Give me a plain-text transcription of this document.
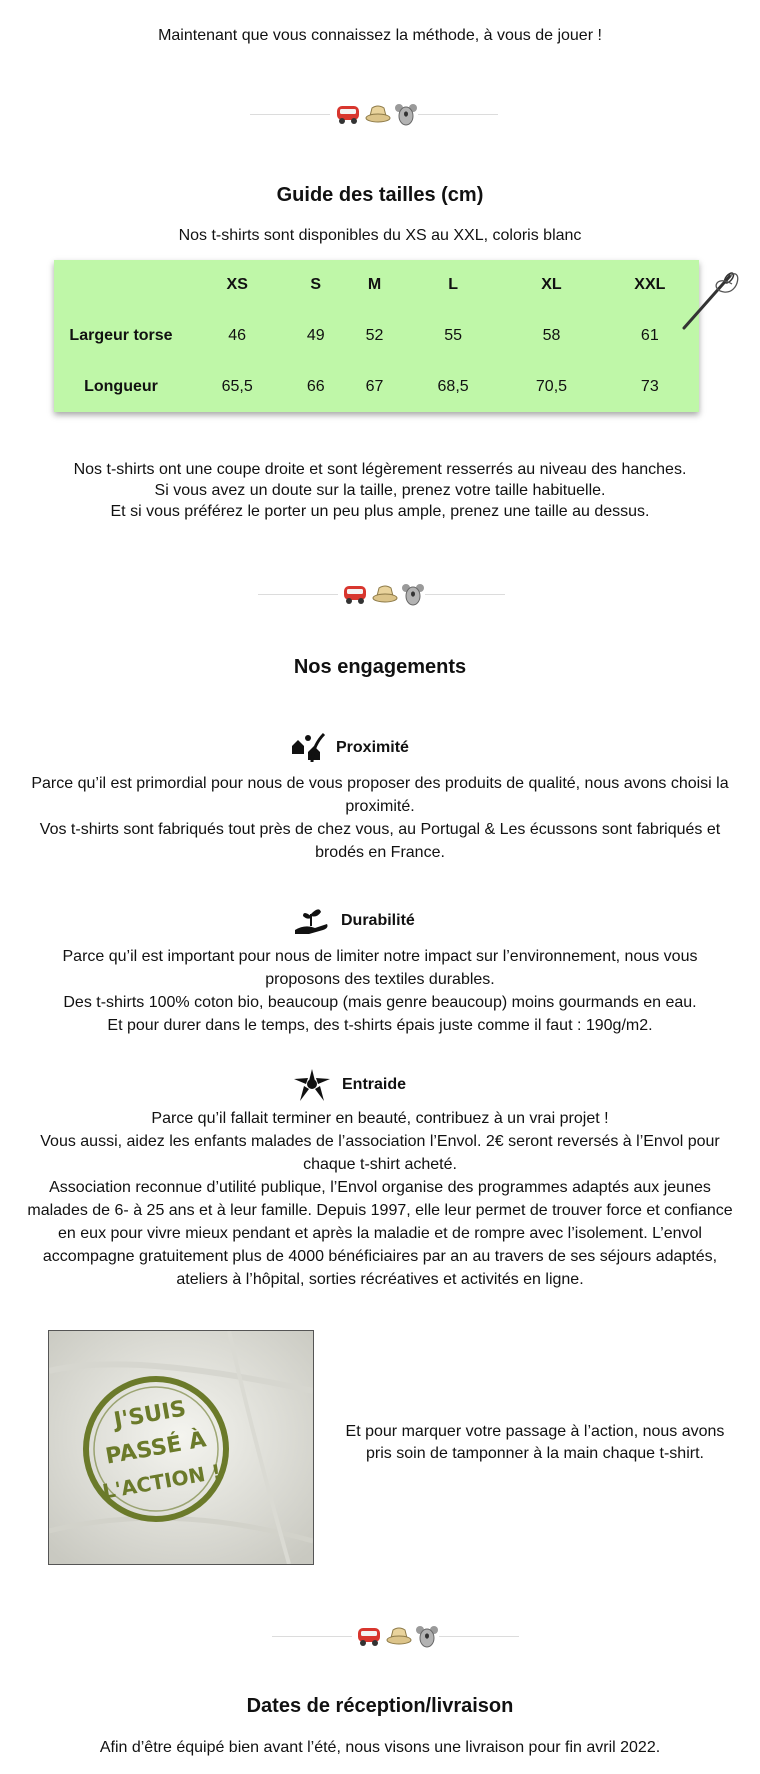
Maintenant que vous connaissez la méthode, à vous de jouer !

Guide des tailles (cm)

Nos t-shirts sont disponibles du XS au XXL, coloris blanc

	XS	S	M	L	XL	XXL
Largeur torse	46	49	52	55	58	61
Longueur	65,5	66	67	68,5	70,5	73

Nos t-shirts ont une coupe droite et sont légèrement resserrés au niveau des hanches.

Si vous avez un doute sur la taille, prenez votre taille habituelle.

Et si vous préférez le porter un peu plus ample, prenez une taille au dessus.

Nos engagements
Proximité

Parce qu’il est primordial pour nous de vous proposer des produits de qualité, nous avons choisi la

proximité.

Vos t-shirts sont fabriqués tout près de chez vous, au Portugal & Les écussons sont fabriqués et

brodés en France.

Durabilité

Parce qu’il est important pour nous de limiter notre impact sur l’environnement, nous vous

proposons des textiles durables.

Des t-shirts 100% coton bio, beaucoup (mais genre beaucoup) moins gourmands en eau.

Et pour durer dans le temps, des t-shirts épais juste comme il faut : 190g/m2.

Entraide

Parce qu’il fallait terminer en beauté, contribuez à un vrai projet !

Vous aussi, aidez les enfants malades de l’association l’Envol. 2€ seront reversés à l’Envol pour

chaque t-shirt acheté.

Association reconnue d’utilité publique, l’Envol organise des programmes adaptés aux jeunes

malades de 6- à 25 ans et à leur famille. Depuis 1997, elle leur permet de trouver force et confiance

en eux pour vivre mieux pendant et après la maladie et de rompre avec l’isolement. L’envol

accompagne gratuitement plus de 4000 bénéficiaires par an au travers de ses séjours adaptés,

ateliers à l’hôpital, sorties récréatives et activités en ligne.

J'SUIS
PASSÉ À
L'ACTION !

Et pour marquer votre passage à l’action, nous avons

pris soin de tamponner à la main chaque t-shirt.

Dates de réception/livraison

Afin d’être équipé bien avant l’été, nous visons une livraison pour fin avril 2022.
